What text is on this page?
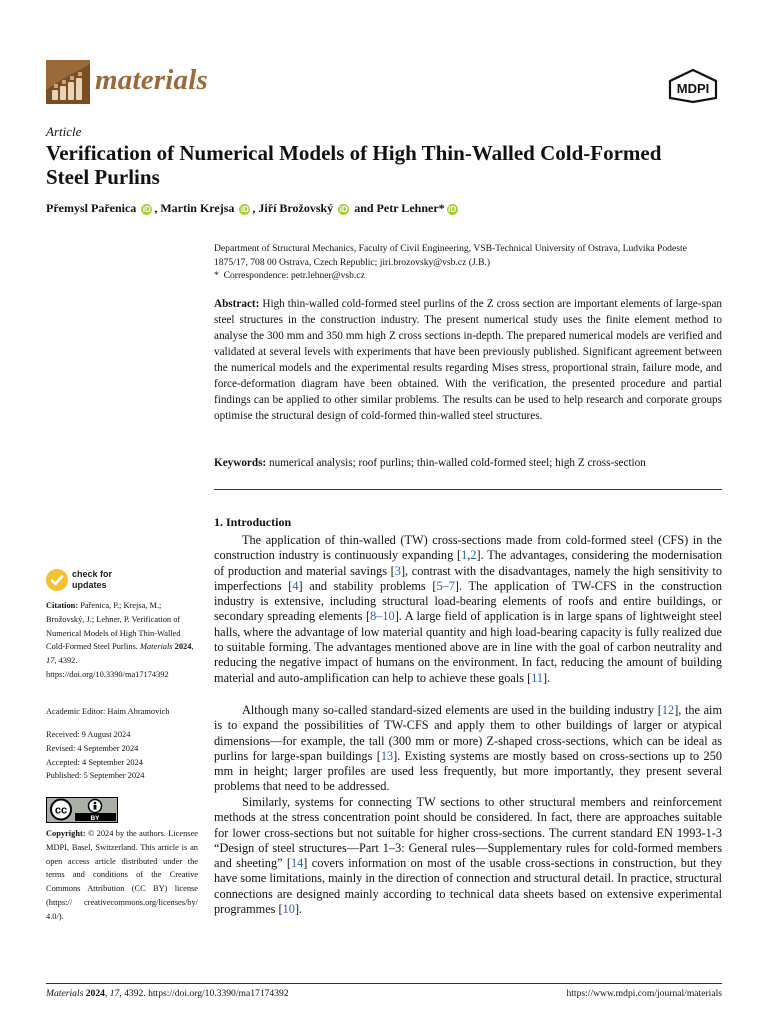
materials	MDPI
Article
Verification of Numerical Models of High Thin-Walled Cold-Formed Steel Purlins
Přemysl Pařenica iD , Martin Krejsa iD , Jiří Brožovský iD and Petr Lehner* iD
Department of Structural Mechanics, Faculty of Civil Engineering, VSB-Technical University of Ostrava, Ludvika Podeste 1875/17, 708 00 Ostrava, Czech Republic; jiri.brozovsky@vsb.cz (J.B.)
* Correspondence: petr.lehner@vsb.cz

Abstract: High thin-walled cold-formed steel purlins of the Z cross section are important elements of large-span steel structures in the construction industry. The present numerical study uses the finite element method to analyse the 300 mm and 350 mm high Z cross sections in-depth. The prepared numerical models are verified and validated at several levels with experiments that have been previously published. Significant agreement between the numerical models and the experimental results regarding Mises stress, proportional strain, failure mode, and force-deformation diagram have been obtained. With the verification, the presented procedure and partial findings can be applied to other similar problems. The results can be used to help research and corporate groups optimise the structural design of cold-formed thin-walled steel structures.

Keywords: numerical analysis; roof purlins; thin-walled cold-formed steel; high Z cross-section

1. Introduction

The application of thin-walled (TW) cross-sections made from cold-formed steel (CFS) in the construction industry is continuously expanding [1,2]. The advantages, considering the modernisation of production and material savings [3], contrast with the disadvantages, namely the high sensitivity to imperfections [4] and stability problems [5–7]. The application of TW-CFS in the construction industry is extensive, including structural load-bearing elements of roofs and entire buildings, or secondary spreading elements [8–10]. A large field of application is in large spans of lightweight steel halls, where the advantage of low material quantity and high load-bearing capacity is fully realized due to suitable forming. The advantages mentioned above are in line with the goal of carbon neutrality and reducing the negative impact of humans on the environment. In fact, reducing the amount of building material and auto-amplification can help to achieve these goals [11].

Although many so-called standard-sized elements are used in the building industry [12], the aim is to expand the possibilities of TW-CFS and apply them to other buildings of larger or atypical dimensions—for example, the tall (300 mm or more) Z-shaped cross-sections, which can be ideal as purlins for large-span buildings [13]. Existing systems are mostly based on cross-sections up to 250 mm in height; larger profiles are used less frequently, but more importantly, they present several problems that need to be addressed.

Similarly, systems for connecting TW sections to other structural members and reinforcement methods at the stress concentration point should be considered. In fact, there are approaches suitable for lower cross-sections but not suitable for higher cross-sections. The current standard EN 1993-1-3 “Design of steel structures—Part 1–3: General rules—Supplementary rules for cold-formed members and sheeting” [14] covers information on most of the usable cross-sections in construction, but they have some limitations, mainly in the direction of connection and structural detail. In practice, structural connections are designed mainly according to technical data sheets based on extensive experimental programmes [10].

check for
updates

Citation: Pařenica, P.; Krejsa, M.; Brožovský, J.; Lehner, P. Verification of Numerical Models of High Thin-Walled Cold-Formed Steel Purlins. Materials 2024, 17, 4392. https://doi.org/10.3390/ma17174392

Academic Editor: Haim Abramovich

Received: 9 August 2024
Revised: 4 September 2024
Accepted: 4 September 2024
Published: 5 September 2024
cc
BY

Copyright: © 2024 by the authors. Licensee MDPI, Basel, Switzerland. This article is an open access article distributed under the terms and conditions of the Creative Commons Attribution (CC BY) license (https:// creativecommons.org/licenses/by/ 4.0/).

Materials 2024, 17, 4392. https://doi.org/10.3390/ma17174392	https://www.mdpi.com/journal/materials
